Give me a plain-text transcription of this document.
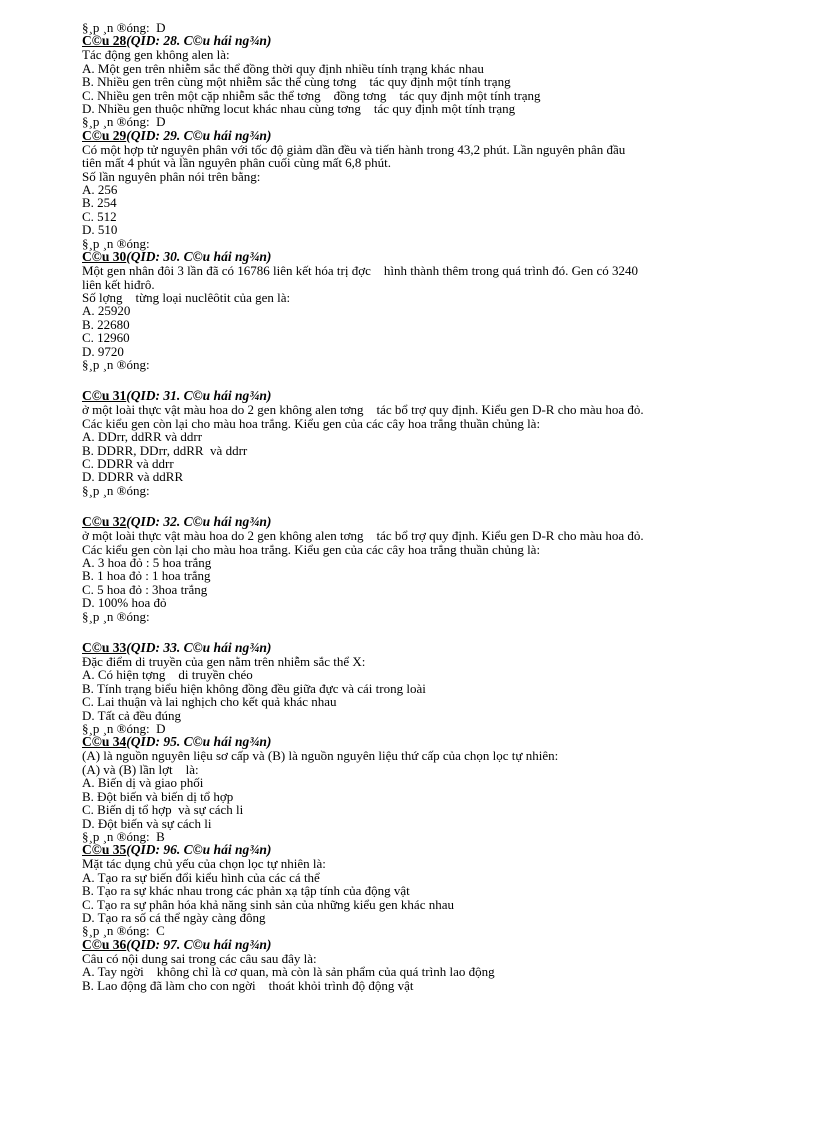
§¸p ¸n ®óng:  D
C©u 28(QID: 28. C©u hái ng¾n)
Tác động gen không alen là:
A. Một gen trên nhiễm sắc thể đồng thời quy định nhiều tính trạng khác nhau
B. Nhiều gen trên cùng một nhiễm sắc thể cùng tơng    tác quy định một tính trạng
C. Nhiều gen trên một cặp nhiễm sắc thể tơng    đồng tơng    tác quy định một tính trạng
D. Nhiều gen thuộc những locut khác nhau cùng tơng    tác quy định một tính trạng
§¸p ¸n ®óng:  D
C©u 29(QID: 29. C©u hái ng¾n)
Có một hợp tử nguyên phân với tốc độ giảm dần đều và tiến hành trong 43,2 phút. Lần nguyên phân đầu
tiên mất 4 phút và lần nguyên phân cuối cùng mất 6,8 phút.
Số lần nguyên phân nói trên bằng:
A. 256
B. 254
C. 512
D. 510
§¸p ¸n ®óng:
C©u 30(QID: 30. C©u hái ng¾n)
Một gen nhân đôi 3 lần đã có 16786 liên kết hóa trị đợc    hình thành thêm trong quá trình đó. Gen có 3240
liên kết hiđrô.
Số lợng    từng loại nuclêôtit của gen là:
A. 25920
B. 22680
C. 12960
D. 9720
§¸p ¸n ®óng:
C©u 31(QID: 31. C©u hái ng¾n)
ở một loài thực vật màu hoa do 2 gen không alen tơng    tác bổ trợ quy định. Kiểu gen D-R cho màu hoa đỏ.
Các kiểu gen còn lại cho màu hoa trắng. Kiểu gen của các cây hoa trắng thuần chủng là:
A. DDrr, ddRR và ddrr
B. DDRR, DDrr, ddRR  và ddrr
C. DDRR và ddrr
D. DDRR và ddRR
§¸p ¸n ®óng:
C©u 32(QID: 32. C©u hái ng¾n)
ở một loài thực vật màu hoa do 2 gen không alen tơng    tác bổ trợ quy định. Kiểu gen D-R cho màu hoa đỏ.
Các kiểu gen còn lại cho màu hoa trắng. Kiểu gen của các cây hoa trắng thuần chủng là:
A. 3 hoa đỏ : 5 hoa trắng
B. 1 hoa đỏ : 1 hoa trắng
C. 5 hoa đỏ : 3hoa trắng
D. 100% hoa đỏ
§¸p ¸n ®óng:
C©u 33(QID: 33. C©u hái ng¾n)
Đặc điểm di truyền của gen nằm trên nhiễm sắc thể X:
A. Có hiện tợng    di truyền chéo
B. Tính trạng biểu hiện không đồng đều giữa đực và cái trong loài
C. Lai thuận và lai nghịch cho kết quả khác nhau
D. Tất cả đều đúng
§¸p ¸n ®óng:  D
C©u 34(QID: 95. C©u hái ng¾n)
(A) là nguồn nguyên liệu sơ cấp và (B) là nguồn nguyên liệu thứ cấp của chọn lọc tự nhiên:
(A) và (B) lần lợt    là:
A. Biến dị và giao phối
B. Đột biến và biến dị tổ hợp
C. Biến dị tổ hợp  và sự cách li
D. Đột biến và sự cách li
§¸p ¸n ®óng:  B
C©u 35(QID: 96. C©u hái ng¾n)
Mặt tác dụng chủ yếu của chọn lọc tự nhiên là:
A. Tạo ra sự biến đổi kiểu hình của các cá thể
B. Tạo ra sự khác nhau trong các phản xạ tập tính của động vật
C. Tạo ra sự phân hóa khả năng sinh sản của những kiểu gen khác nhau
D. Tạo ra số cá thể ngày càng đông
§¸p ¸n ®óng:  C
C©u 36(QID: 97. C©u hái ng¾n)
Câu có nội dung sai trong các câu sau đây là:
A. Tay ngời    không chỉ là cơ quan, mà còn là sản phẩm của quá trình lao động
B. Lao động đã làm cho con ngời    thoát khỏi trình độ động vật
